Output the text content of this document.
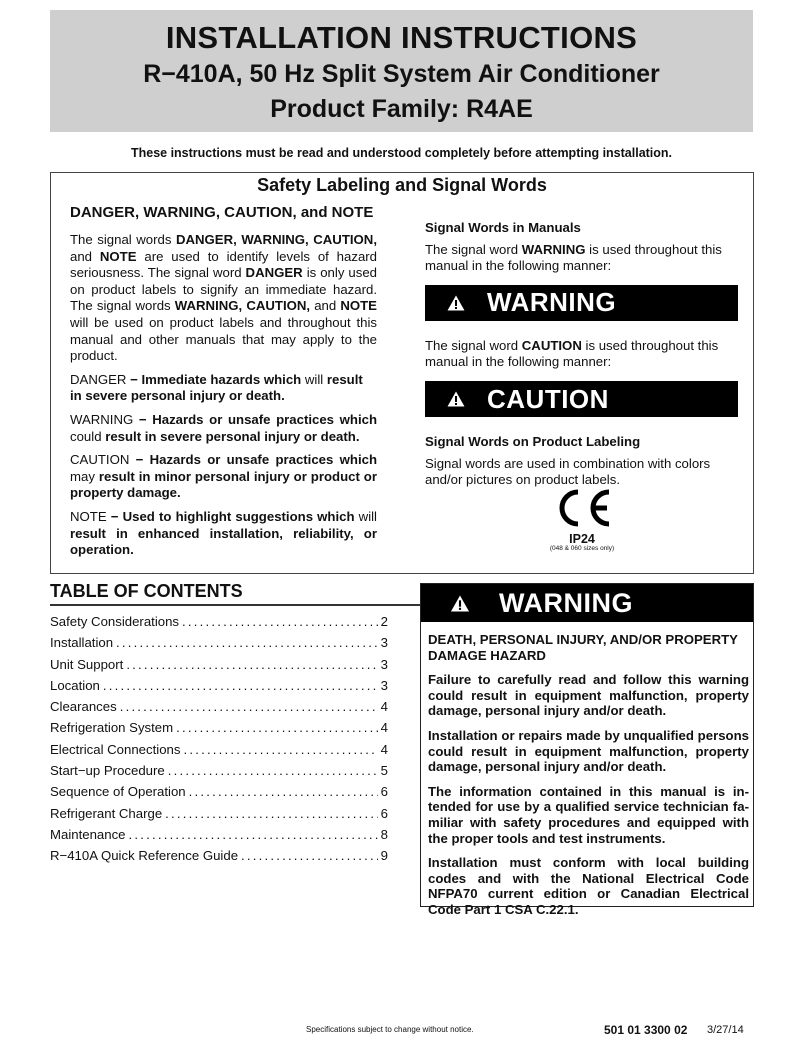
INSTALLATION INSTRUCTIONS
R−410A, 50 Hz Split System Air Conditioner
Product Family: R4AE
These instructions must be read and understood completely before attempting installation.
Safety Labeling and Signal Words
DANGER, WARNING, CAUTION, and NOTE

The signal words DANGER, WARNING, CAUTION, and NOTE are used to identify levels of hazard seriousness. The signal word DANGER is only used on product labels to signify an immediate hazard. The signal words WARNING, CAUTION, and NOTE will be used on product labels and throughout this manual and other manuals that may apply to the product.

DANGER − Immediate hazards which will result in severe personal injury or death.

WARNING − Hazards or unsafe practices which could result in severe personal injury or death.

CAUTION − Hazards or unsafe practices which may result in minor personal injury or product or property damage.

NOTE − Used to highlight suggestions which will result in enhanced installation, reliability, or operation.

Signal Words in Manuals

The signal word WARNING is used throughout this manual in the following manner:

WARNING

The signal word CAUTION is used throughout this manual in the following manner:

CAUTION
Signal Words on Product Labeling

Signal words are used in combination with colors and/or pictures on product labels.

IP24
(048 & 060 sizes only)
TABLE OF CONTENTS
Safety Considerations .....	2
Installation .....	3
Unit Support .....	3
Location .....	3
Clearances .....	4
Refrigeration System .....	4
Electrical Connections .....	4
Start−up Procedure .....	5
Sequence of Operation .....	6
Refrigerant Charge .....	6
Maintenance .....	8
R−410A Quick Reference Guide .....	9
WARNING

DEATH, PERSONAL INJURY, AND/OR PROPERTY DAMAGE HAZARD

Failure to carefully read and follow this warning could result in equipment malfunction, property damage, personal injury and/or death.

Installation or repairs made by unqualified persons could result in equipment malfunction, property damage, personal injury and/or death.

The information contained in this manual is intended for use by a qualified service technician familiar with safety procedures and equipped with the proper tools and test instruments.

Installation must conform with local building codes and with the National Electrical Code NFPA70 current edition or Canadian Electrical Code Part 1 CSA C.22.1.

Specifications subject to change without notice.	501 01 3300 02 3/27/14
